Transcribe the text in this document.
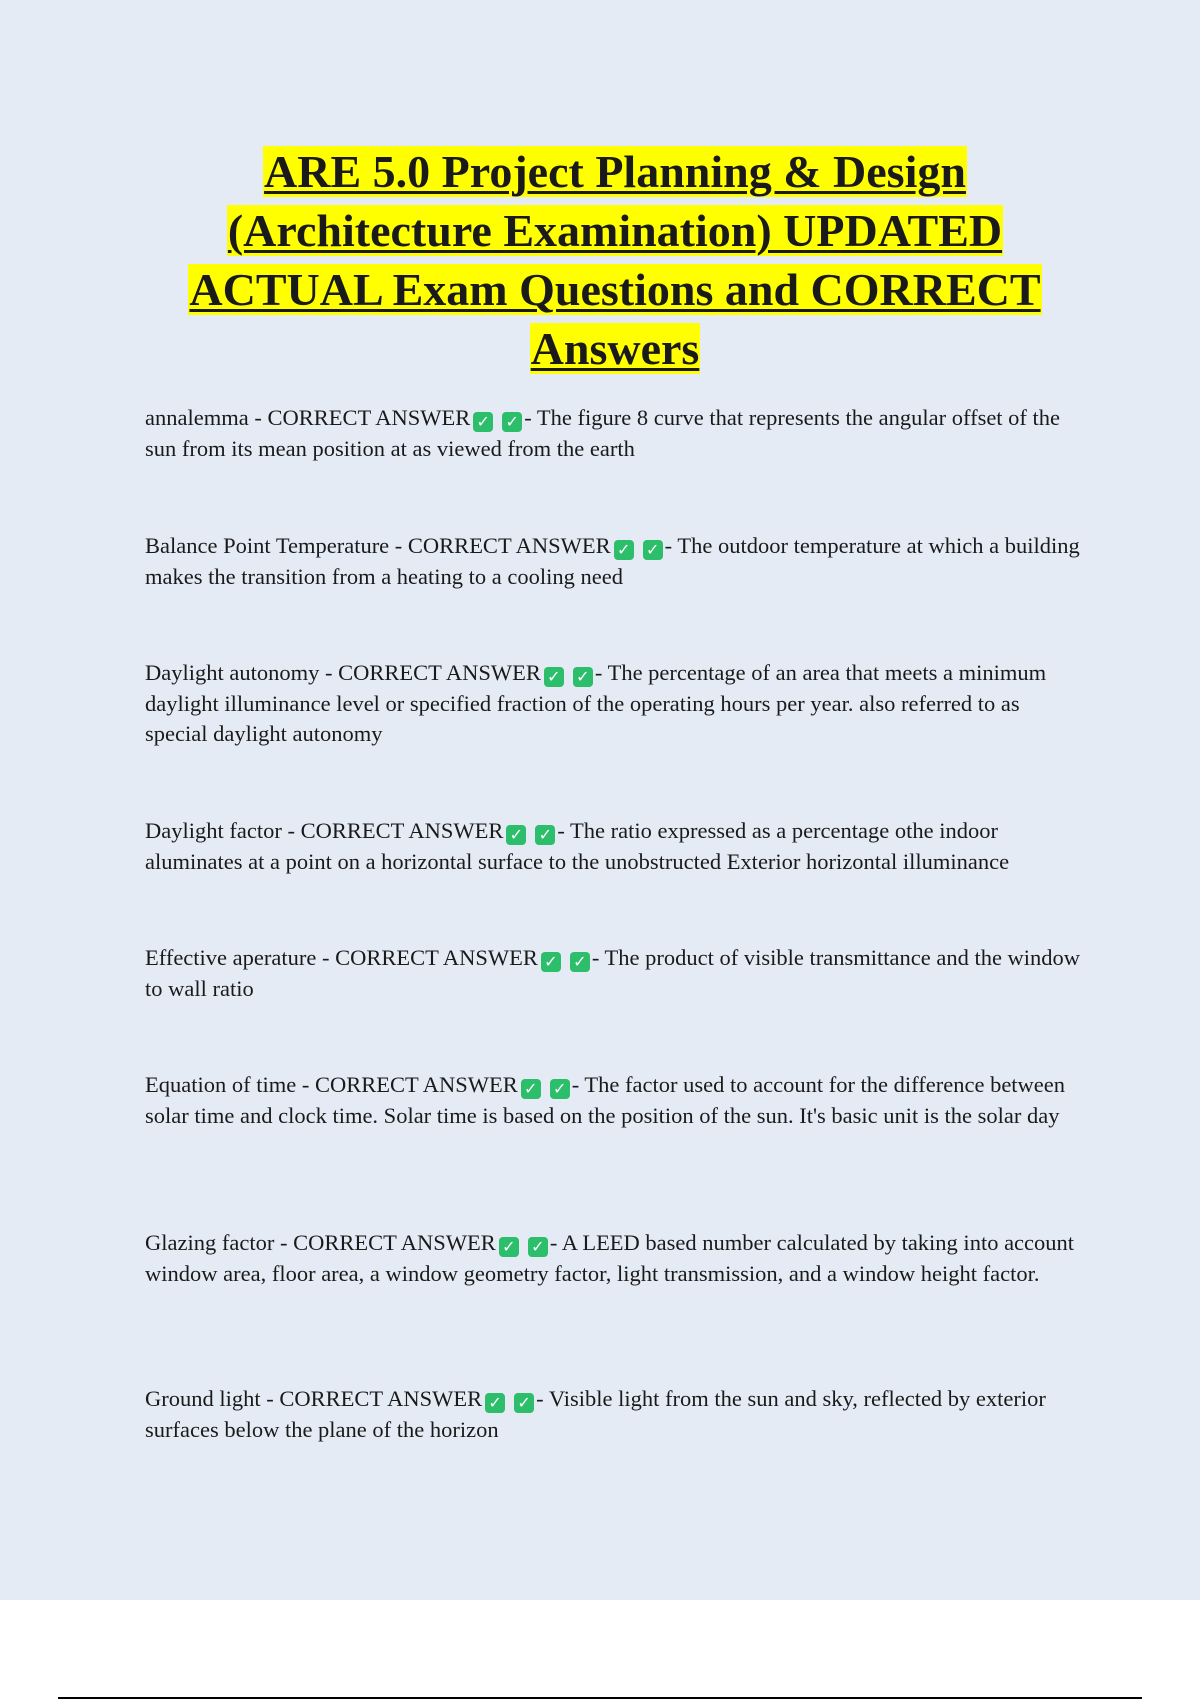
ARE 5.0 Project Planning & Design (Architecture Examination) UPDATED ACTUAL Exam Questions and CORRECT Answers

annalemma - CORRECT ANSWER ✓ ✓ - The figure 8 curve that represents the angular offset of the sun from its mean position at as viewed from the earth

Balance Point Temperature - CORRECT ANSWER ✓ ✓ - The outdoor temperature at which a building makes the transition from a heating to a cooling need

Daylight autonomy - CORRECT ANSWER ✓ ✓ - The percentage of an area that meets a minimum daylight illuminance level or specified fraction of the operating hours per year. also referred to as special daylight autonomy

Daylight factor - CORRECT ANSWER ✓ ✓ - The ratio expressed as a percentage othe indoor aluminates at a point on a horizontal surface to the unobstructed Exterior horizontal illuminance

Effective aperature - CORRECT ANSWER ✓ ✓ - The product of visible transmittance and the window to wall ratio

Equation of time - CORRECT ANSWER ✓ ✓ - The factor used to account for the difference between solar time and clock time. Solar time is based on the position of the sun. It's basic unit is the solar day

Glazing factor - CORRECT ANSWER ✓ ✓ - A LEED based number calculated by taking into account window area, floor area, a window geometry factor, light transmission, and a window height factor.

Ground light - CORRECT ANSWER ✓ ✓ - Visible light from the sun and sky, reflected by exterior surfaces below the plane of the horizon
